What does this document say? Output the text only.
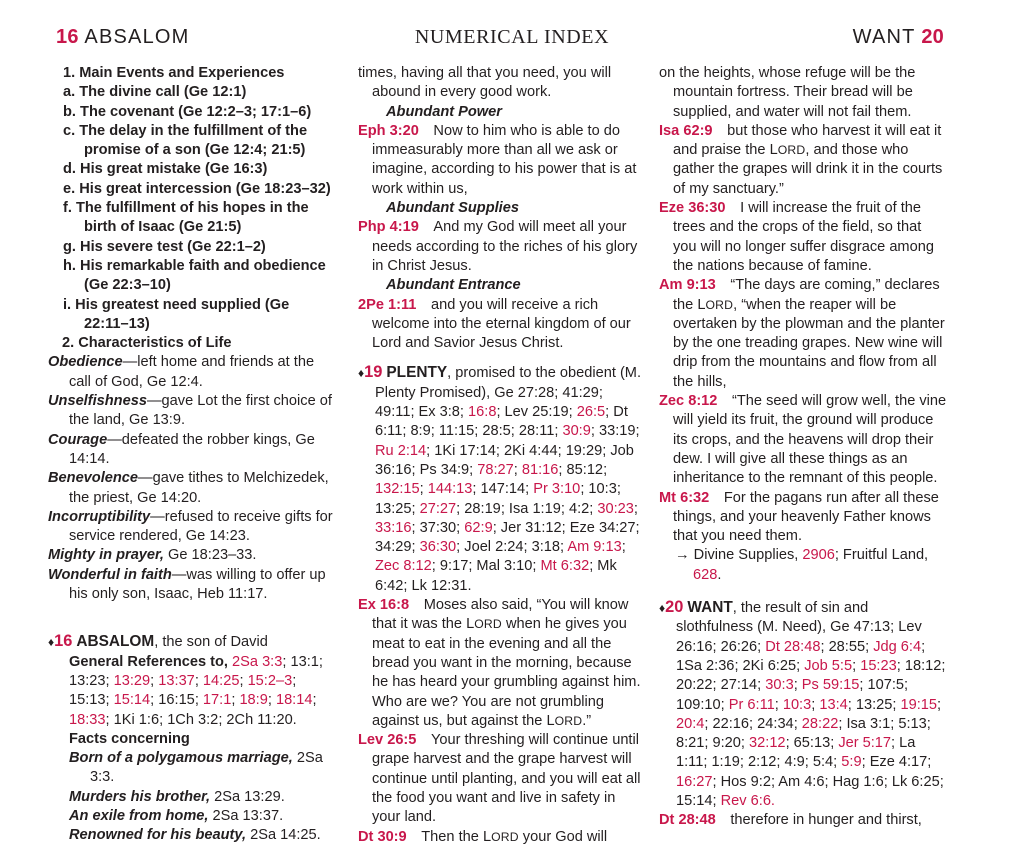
16 ABSALOM	NUMERICAL INDEX	WANT 20

1. Main Events and Experiences

a. The divine call (Ge 12:1)

b. The covenant (Ge 12:2–3; 17:1–6)

c. The delay in the fulfillment of the promise of a son (Ge 12:4; 21:5)

d. His great mistake (Ge 16:3)

e. His great intercession (Ge 18:23–32)

f. The fulfillment of his hopes in the birth of Isaac (Ge 21:5)

g. His severe test (Ge 22:1–2)

h. His remarkable faith and obedience (Ge 22:3–10)

i. His greatest need supplied (Ge 22:11–13)

2. Characteristics of Life

Obedience—left home and friends at the call of God, Ge 12:4.

Unselfishness—gave Lot the first choice of the land, Ge 13:9.

Courage—defeated the robber kings, Ge 14:14.

Benevolence—gave tithes to Melchizedek, the priest, Ge 14:20.

Incorruptibility—refused to receive gifts for service rendered, Ge 14:23.

Mighty in prayer, Ge 18:23–33.

Wonderful in faith—was willing to offer up his only son, Isaac, Heb 11:17.

♦16 ABSALOM, the son of David

General References to, 2Sa 3:3; 13:1; 13:23; 13:29; 13:37; 14:25; 15:2–3; 15:13; 15:14; 16:15; 17:1; 18:9; 18:14; 18:33; 1Ki 1:6; 1Ch 3:2; 2Ch 11:20.

Facts concerning

Born of a polygamous marriage, 2Sa 3:3.

Murders his brother, 2Sa 13:29.

An exile from home, 2Sa 13:37.

Renowned for his beauty, 2Sa 14:25.

times, having all that you need, you will abound in every good work.

Abundant Power

Eph 3:20   Now to him who is able to do immeasurably more than all we ask or imagine, according to his power that is at work within us,

Abundant Supplies

Php 4:19   And my God will meet all your needs according to the riches of his glory in Christ Jesus.

Abundant Entrance

2Pe 1:11   and you will receive a rich welcome into the eternal kingdom of our Lord and Savior Jesus Christ.

♦19 PLENTY, promised to the obedient (M. Plenty Promised), Ge 27:28; 41:29; 49:11; Ex 3:8; 16:8; Lev 25:19; 26:5; Dt 6:11; 8:9; 11:15; 28:5; 28:11; 30:9; 33:19; Ru 2:14; 1Ki 17:14; 2Ki 4:44; 19:29; Job 36:16; Ps 34:9; 78:27; 81:16; 85:12; 132:15; 144:13; 147:14; Pr 3:10; 10:3; 13:25; 27:27; 28:19; Isa 1:19; 4:2; 30:23; 33:16; 37:30; 62:9; Jer 31:12; Eze 34:27; 34:29; 36:30; Joel 2:24; 3:18; Am 9:13; Zec 8:12; 9:17; Mal 3:10; Mt 6:32; Mk 6:42; Lk 12:31.

Ex 16:8   Moses also said, “You will know that it was the LORD when he gives you meat to eat in the evening and all the bread you want in the morning, because he has heard your grumbling against him. Who are we? You are not grumbling against us, but against the LORD.”

Lev 26:5   Your threshing will continue until grape harvest and the grape harvest will continue until planting, and you will eat all the food you want and live in safety in your land.

Dt 30:9   Then the LORD your God will

on the heights, whose refuge will be the mountain fortress. Their bread will be supplied, and water will not fail them.

Isa 62:9   but those who harvest it will eat it and praise the LORD, and those who gather the grapes will drink it in the courts of my sanctuary.”

Eze 36:30   I will increase the fruit of the trees and the crops of the field, so that you will no longer suffer disgrace among the nations because of famine.

Am 9:13   “The days are coming,” declares the LORD, “when the reaper will be overtaken by the plowman and the planter by the one treading grapes. New wine will drip from the mountains and flow from all the hills,

Zec 8:12   “The seed will grow well, the vine will yield its fruit, the ground will produce its crops, and the heavens will drop their dew. I will give all these things as an inheritance to the remnant of this people.

Mt 6:32   For the pagans run after all these things, and your heavenly Father knows that you need them.

→ Divine Supplies, 2906; Fruitful Land, 628.

♦20 WANT, the result of sin and slothfulness (M. Need), Ge 47:13; Lev 26:16; 26:26; Dt 28:48; 28:55; Jdg 6:4; 1Sa 2:36; 2Ki 6:25; Job 5:5; 15:23; 18:12; 20:22; 27:14; 30:3; Ps 59:15; 107:5; 109:10; Pr 6:11; 10:3; 13:4; 13:25; 19:15; 20:4; 22:16; 24:34; 28:22; Isa 3:1; 5:13; 8:21; 9:20; 32:12; 65:13; Jer 5:17; La 1:11; 1:19; 2:12; 4:9; 5:4; 5:9; Eze 4:17; 16:27; Hos 9:2; Am 4:6; Hag 1:6; Lk 6:25; 15:14; Rev 6:6.

Dt 28:48   therefore in hunger and thirst,
